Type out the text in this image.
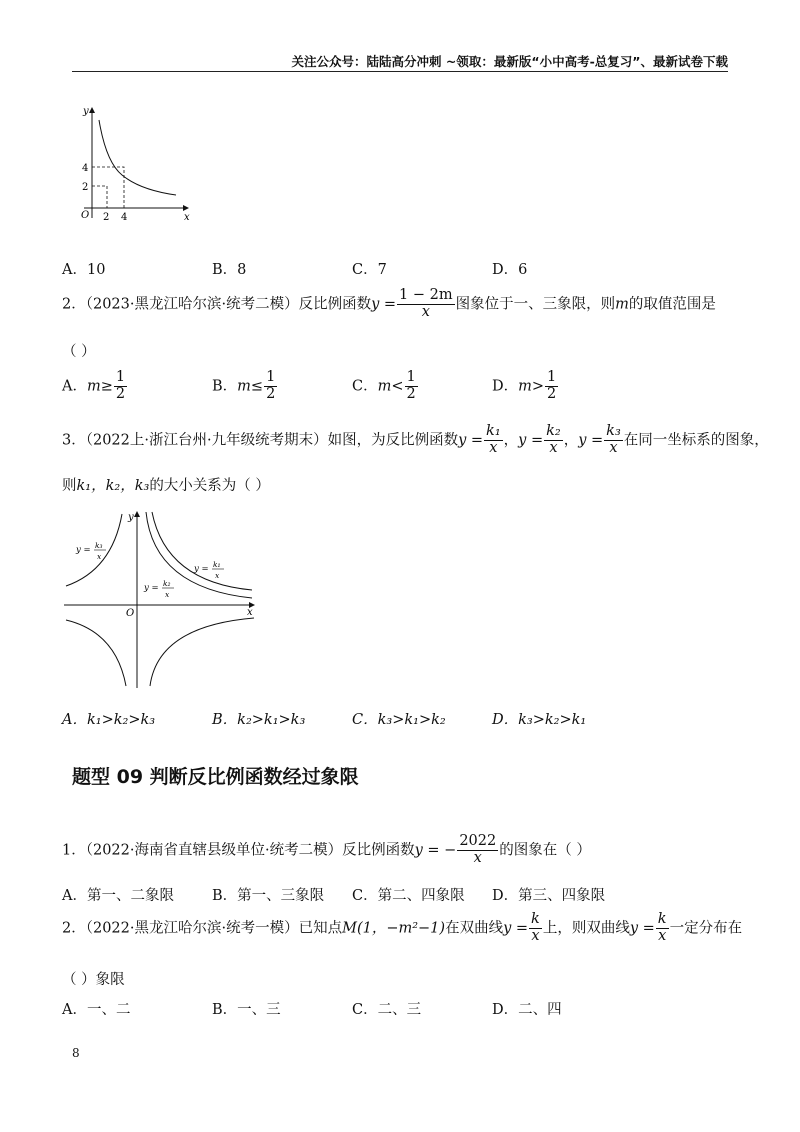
关注公众号：陆陆高分冲刺 ~领取：最新版“小中高考-总复习”、最新试卷下载
y
x
O
4
2
2 4
A．10	B．8	C．7	D．6
2．（2023·黑龙江哈尔滨·统考二模）反比例函数$y = \frac{1 - 2m}{x}$ 图象位于一、三象限，则m的取值范围是
（ ）
A．$m\ge \frac{1}{2}$	B．$m\le \frac{1}{2}$	C．$m< \frac{1}{2}$	D．$m> \frac{1}{2}$
3．（2022上·浙江台州·九年级统考期末）如图，为反比例函数$y = \frac{\text{k₁}}{x}$ ，$y = \frac{\text{k₂}}{x}$ ，$y = \frac{\text{k₃}}{x}$ 在同一坐标系的图象，
则k₁，k₂，k₃的大小关系为（ ）
y
x
O
y = k₃
x
y = k₂
x
y = k₁
x
A．k₁>k₂>k₃	B．k₂>k₁>k₃	C．k₃>k₁>k₂	D．k₃>k₂>k₁
题型 09 判断反比例函数经过象限
1．（2022·海南省直辖县级单位·统考二模）反比例函数y = − $\frac{2022}{x}$ 的图象在（ ）
A．第一、二象限	B．第一、三象限 C．第二、四象限 D．第三、四象限
2．（2022·黑龙江哈尔滨·统考一模）已知点M(1，−m²−1)在双曲线$y = \frac{k}{x}$ 上，则双曲线$y = \frac{k}{x}$ 一定分布在
（ ）象限
A．一、二	B．一、三	C．二、三	D．二、四
8
